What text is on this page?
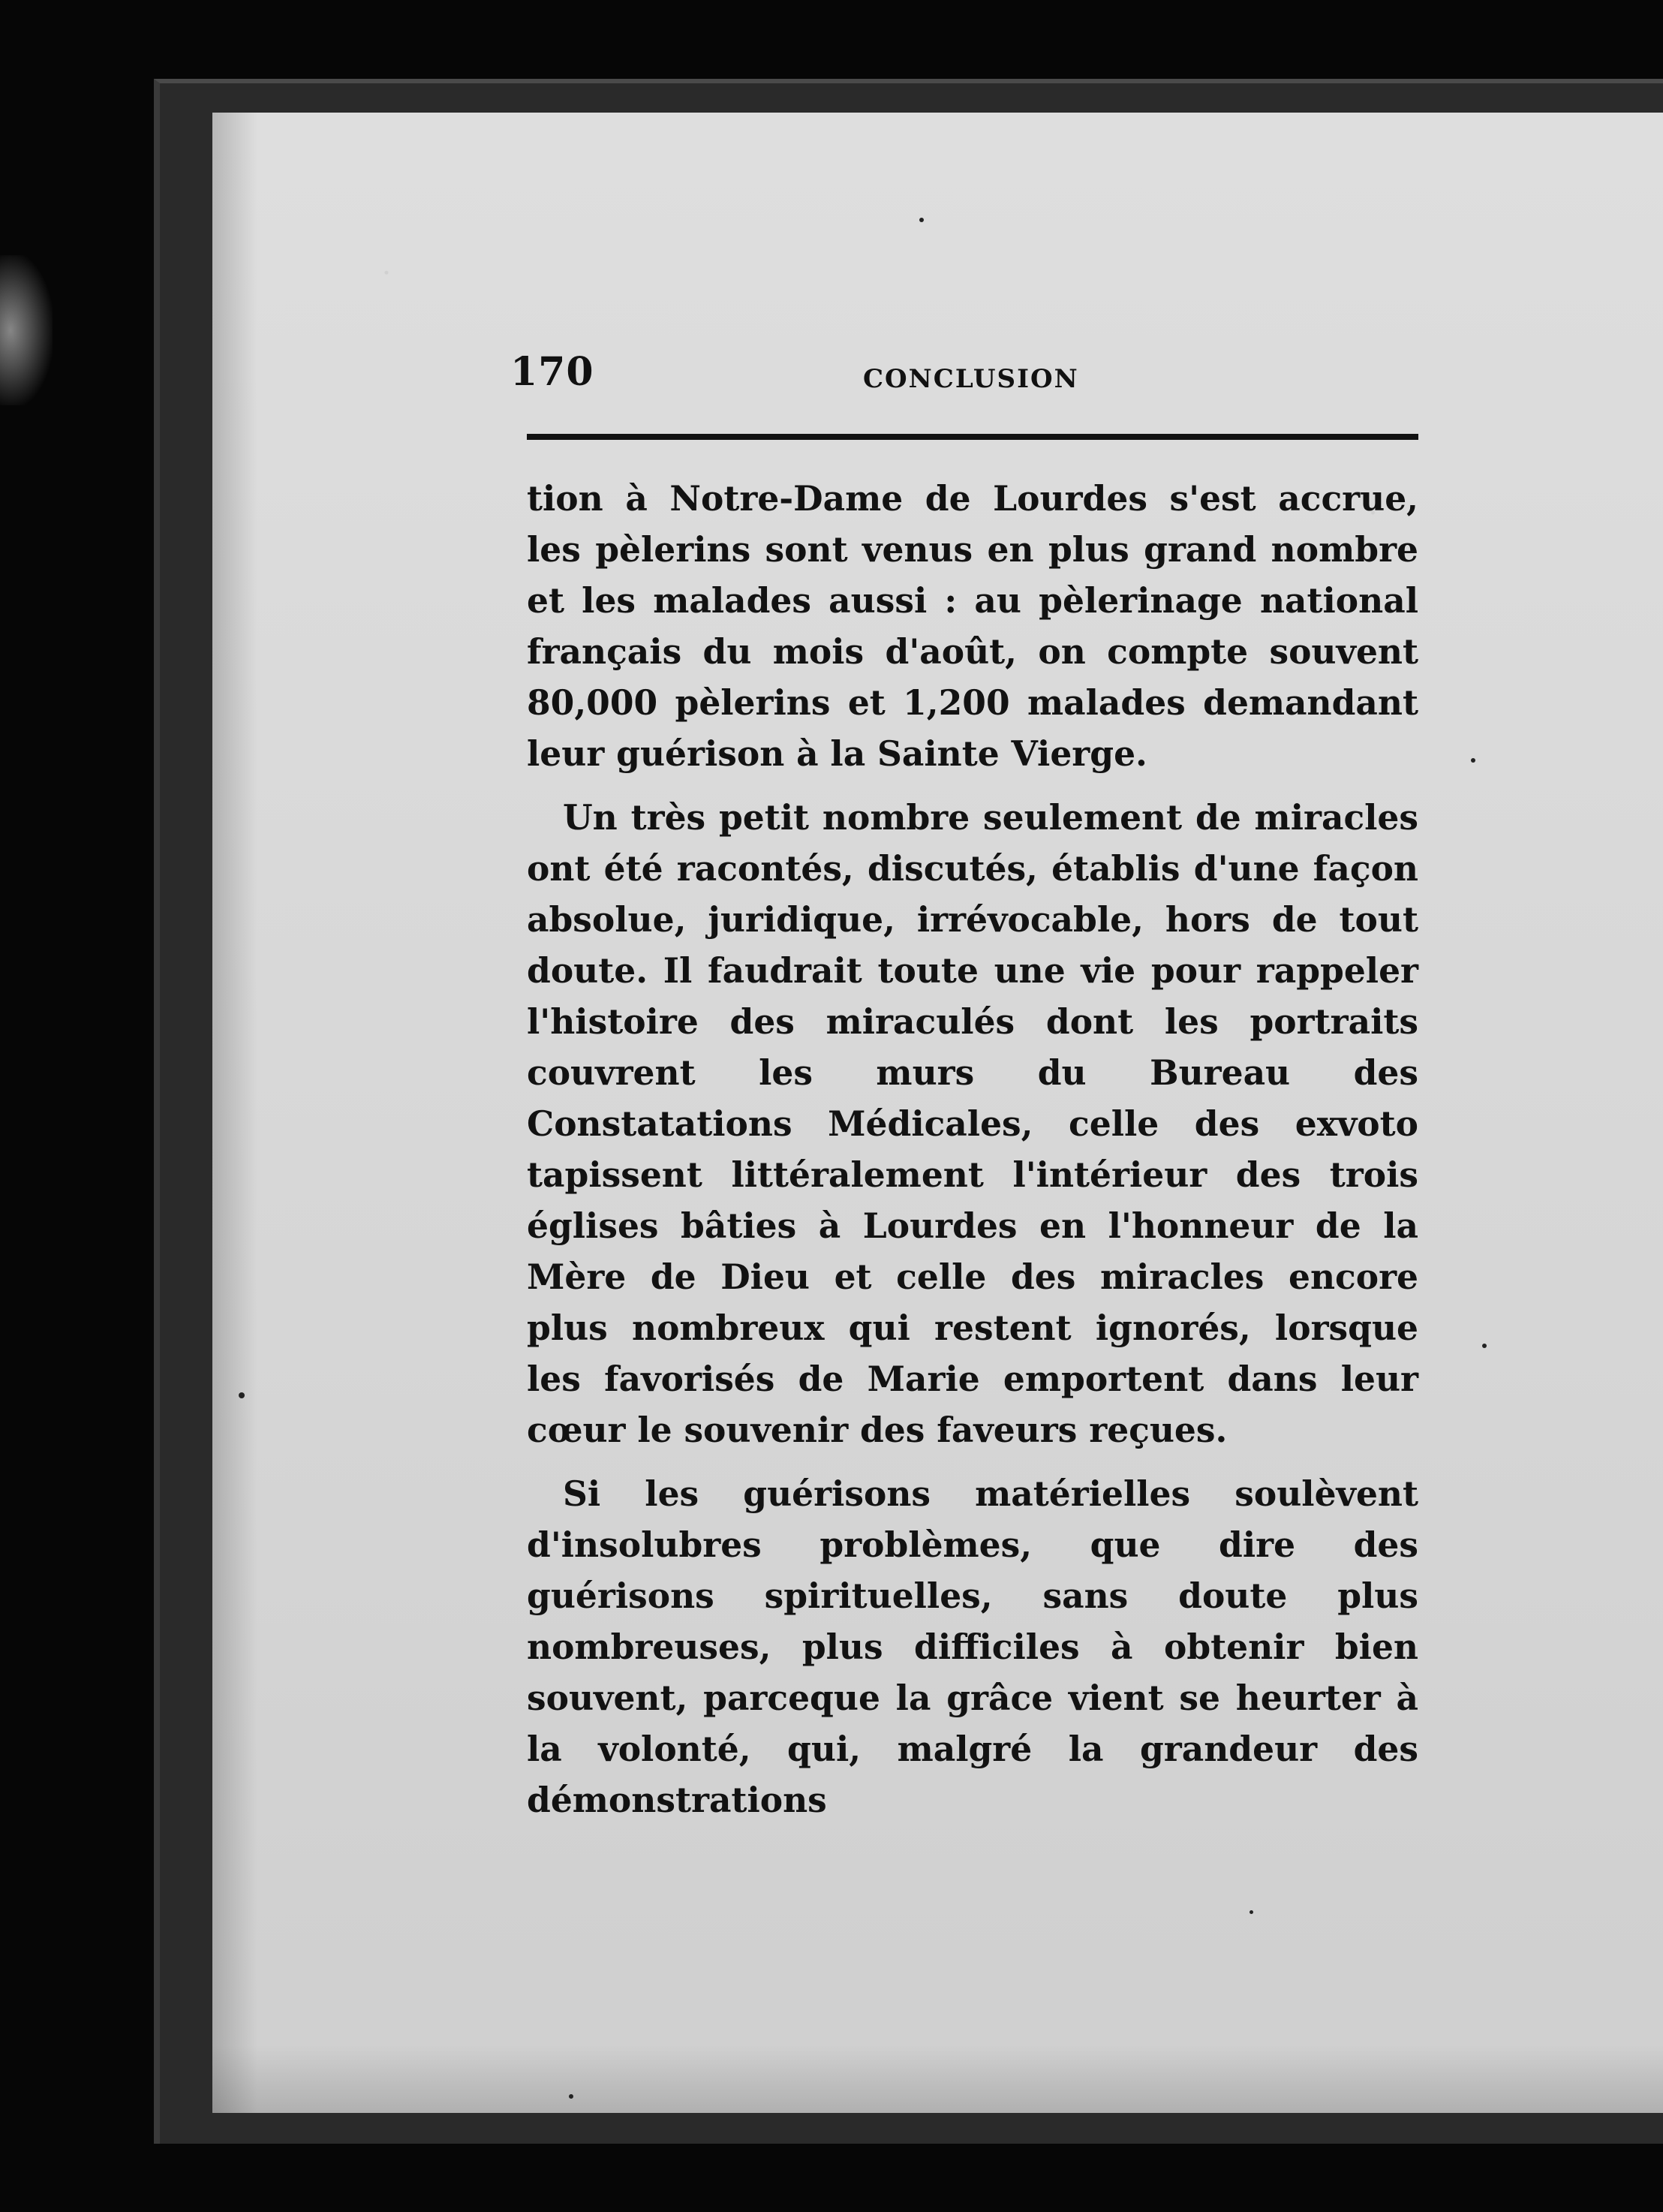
170	CONCLUSION

tion à Notre-Dame de Lourdes s'est accrue, les pèlerins sont venus en plus grand nombre et les malades aussi : au pèlerinage national français du mois d'août, on compte souvent 80,000 pèlerins et 1,200 malades demandant leur guérison à la Sainte Vierge.

Un très petit nombre seulement de miracles ont été racontés, discutés, établis d'une façon absolue, juridique, irrévocable, hors de tout doute. Il faudrait toute une vie pour rappeler l'histoire des miraculés dont les portraits couvrent les murs du Bureau des Constatations Médicales, celle des exvoto tapissent littéralement l'intérieur des trois églises bâties à Lourdes en l'honneur de la Mère de Dieu et celle des miracles encore plus nombreux qui restent ignorés, lorsque les favorisés de Marie emportent dans leur cœur le souvenir des faveurs reçues.

Si les guérisons matérielles soulèvent d'insolubres problèmes, que dire des guérisons spirituelles, sans doute plus nombreuses, plus difficiles à obtenir bien souvent, parceque la grâce vient se heurter à la volonté, qui, malgré la grandeur des démonstrations
